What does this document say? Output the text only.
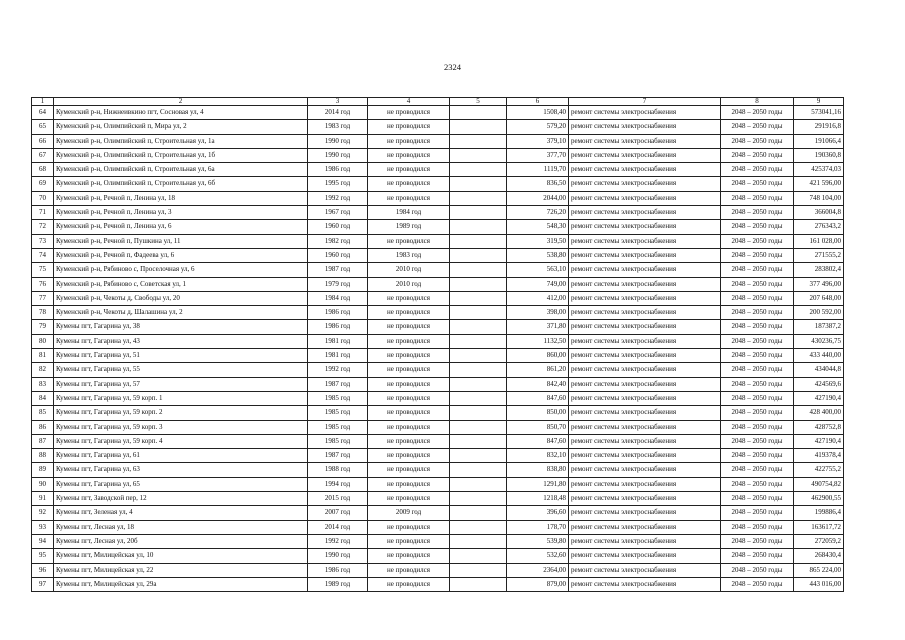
2324
1	2	3	4	5	6	7	8	9
64	Куменский р-н, Нижнеивкино пгт, Сосновая ул, 4	2014 год	не проводился		1508,40	ремонт системы электроснабжения	2048 – 2050 годы	573041,16
65	Куменский р-н, Олимпийский п, Мира ул, 2	1983 год	не проводился		579,20	ремонт системы электроснабжения	2048 – 2050 годы	291916,8
66	Куменский р-н, Олимпийский п, Строительная ул, 1а	1990 год	не проводился		379,10	ремонт системы электроснабжения	2048 – 2050 годы	191066,4
67	Куменский р-н, Олимпийский п, Строительная ул, 1б	1990 год	не проводился		377,70	ремонт системы электроснабжения	2048 – 2050 годы	190360,8
68	Куменский р-н, Олимпийский п, Строительная ул, 6а	1986 год	не проводился		1119,70	ремонт системы электроснабжения	2048 – 2050 годы	425374,03
69	Куменский р-н, Олимпийский п, Строительная ул, 6б	1995 год	не проводился		836,50	ремонт системы электроснабжения	2048 – 2050 годы	421 596,00
70	Куменский р-н, Речной п, Ленина ул, 18	1992 год	не проводился		2044,00	ремонт системы электроснабжения	2048 – 2050 годы	748 104,00
71	Куменский р-н, Речной п, Ленина ул, 3	1967 год	1984 год		726,20	ремонт системы электроснабжения	2048 – 2050 годы	366004,8
72	Куменский р-н, Речной п, Ленина ул, 6	1960 год	1989 год		548,30	ремонт системы электроснабжения	2048 – 2050 годы	276343,2
73	Куменский р-н, Речной п, Пушкина ул, 11	1982 год	не проводился		319,50	ремонт системы электроснабжения	2048 – 2050 годы	161 028,00
74	Куменский р-н, Речной п, Фадеева ул, 6	1960 год	1983 год		538,80	ремонт системы электроснабжения	2048 – 2050 годы	271555,2
75	Куменский р-н, Рябиново с, Проселочная ул, 6	1987 год	2010 год		563,10	ремонт системы электроснабжения	2048 – 2050 годы	283802,4
76	Куменский р-н, Рябиново с, Советская ул, 1	1979 год	2010 год		749,00	ремонт системы электроснабжения	2048 – 2050 годы	377 496,00
77	Куменский р-н, Чекоты д, Свободы ул, 20	1984 год	не проводился		412,00	ремонт системы электроснабжения	2048 – 2050 годы	207 648,00
78	Куменский р-н, Чекоты д, Шалашина ул, 2	1986 год	не проводился		398,00	ремонт системы электроснабжения	2048 – 2050 годы	200 592,00
79	Кумены пгт, Гагарина ул, 38	1986 год	не проводился		371,80	ремонт системы электроснабжения	2048 – 2050 годы	187387,2
80	Кумены пгт, Гагарина ул, 43	1981 год	не проводился		1132,50	ремонт системы электроснабжения	2048 – 2050 годы	430236,75
81	Кумены пгт, Гагарина ул, 51	1981 год	не проводился		860,00	ремонт системы электроснабжения	2048 – 2050 годы	433 440,00
82	Кумены пгт, Гагарина ул, 55	1992 год	не проводился		861,20	ремонт системы электроснабжения	2048 – 2050 годы	434044,8
83	Кумены пгт, Гагарина ул, 57	1987 год	не проводился		842,40	ремонт системы электроснабжения	2048 – 2050 годы	424569,6
84	Кумены пгт, Гагарина ул, 59 корп. 1	1985 год	не проводился		847,60	ремонт системы электроснабжения	2048 – 2050 годы	427190,4
85	Кумены пгт, Гагарина ул, 59 корп. 2	1985 год	не проводился		850,00	ремонт системы электроснабжения	2048 – 2050 годы	428 400,00
86	Кумены пгт, Гагарина ул, 59 корп. 3	1985 год	не проводился		850,70	ремонт системы электроснабжения	2048 – 2050 годы	428752,8
87	Кумены пгт, Гагарина ул, 59 корп. 4	1985 год	не проводился		847,60	ремонт системы электроснабжения	2048 – 2050 годы	427190,4
88	Кумены пгт, Гагарина ул, 61	1987 год	не проводился		832,10	ремонт системы электроснабжения	2048 – 2050 годы	419378,4
89	Кумены пгт, Гагарина ул, 63	1988 год	не проводился		838,80	ремонт системы электроснабжения	2048 – 2050 годы	422755,2
90	Кумены пгт, Гагарина ул, 65	1994 год	не проводился		1291,80	ремонт системы электроснабжения	2048 – 2050 годы	490754,82
91	Кумены пгт, Заводской пер, 12	2015 год	не проводился		1218,48	ремонт системы электроснабжения	2048 – 2050 годы	462900,55
92	Кумены пгт, Зеленая ул, 4	2007 год	2009 год		396,60	ремонт системы электроснабжения	2048 – 2050 годы	199886,4
93	Кумены пгт, Лесная ул, 18	2014 год	не проводился		178,70	ремонт системы электроснабжения	2048 – 2050 годы	163617,72
94	Кумены пгт, Лесная ул, 20б	1992 год	не проводился		539,80	ремонт системы электроснабжения	2048 – 2050 годы	272059,2
95	Кумены пгт, Милицейская ул, 10	1990 год	не проводился		532,60	ремонт системы электроснабжения	2048 – 2050 годы	268430,4
96	Кумены пгт, Милицейская ул, 22	1986 год	не проводился		2364,00	ремонт системы электроснабжения	2048 – 2050 годы	865 224,00
97	Кумены пгт, Милицейская ул, 29а	1989 год	не проводился		879,00	ремонт системы электроснабжения	2048 – 2050 годы	443 016,00
